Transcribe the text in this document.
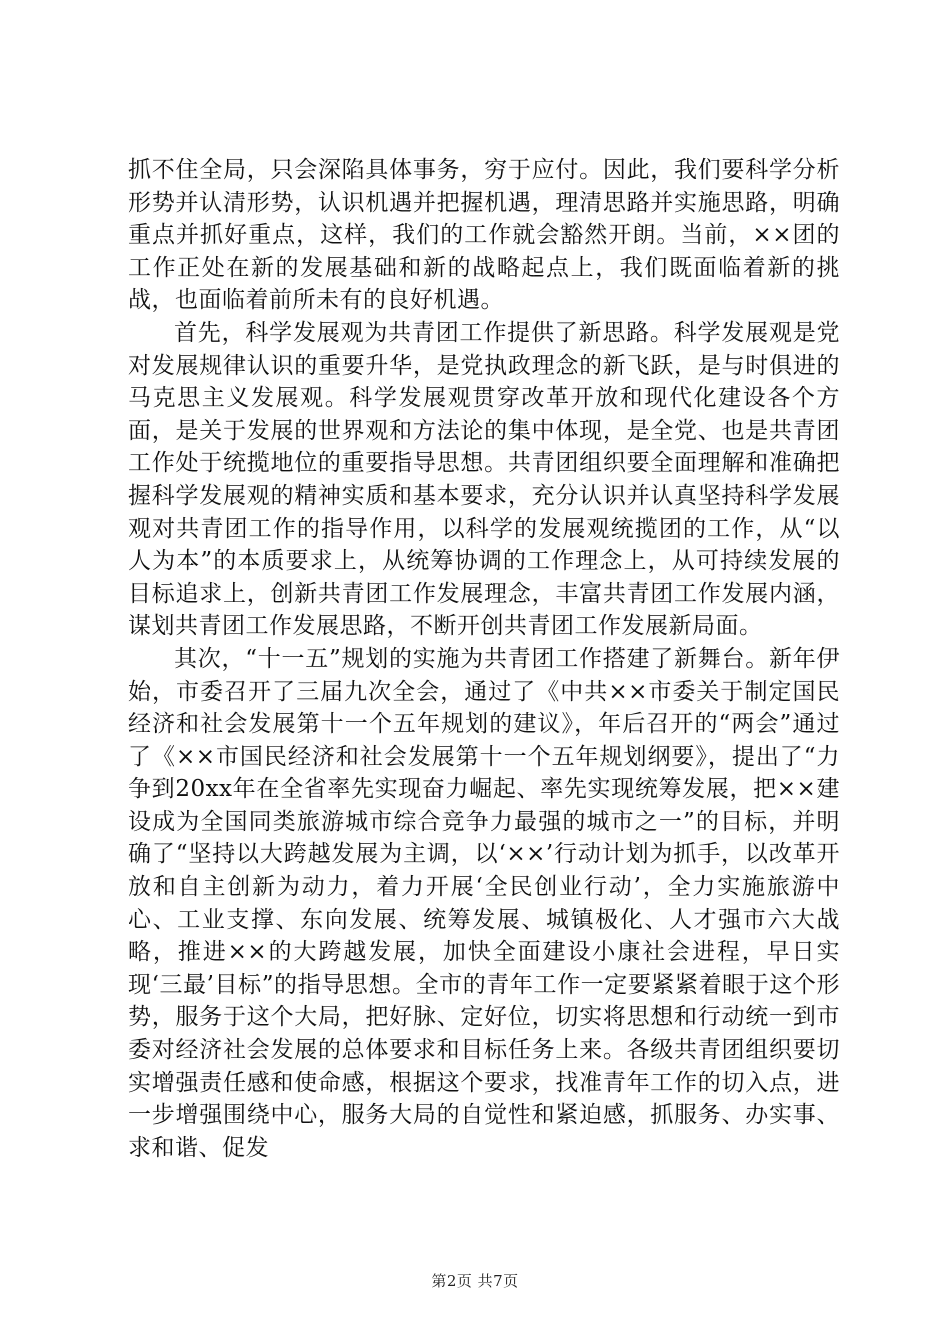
抓不住全局，只会深陷具体事务，穷于应付。因此，我们要科学分析形势并认清形势，认识机遇并把握机遇，理清思路并实施思路，明确重点并抓好重点，这样，我们的工作就会豁然开朗。当前，××团的工作正处在新的发展基础和新的战略起点上，我们既面临着新的挑战，也面临着前所未有的良好机遇。

首先，科学发展观为共青团工作提供了新思路。科学发展观是党对发展规律认识的重要升华，是党执政理念的新飞跃，是与时俱进的马克思主义发展观。科学发展观贯穿改革开放和现代化建设各个方面，是关于发展的世界观和方法论的集中体现，是全党、也是共青团工作处于统揽地位的重要指导思想。共青团组织要全面理解和准确把握科学发展观的精神实质和基本要求，充分认识并认真坚持科学发展观对共青团工作的指导作用，以科学的发展观统揽团的工作，从“以人为本”的本质要求上，从统筹协调的工作理念上，从可持续发展的目标追求上，创新共青团工作发展理念，丰富共青团工作发展内涵，谋划共青团工作发展思路，不断开创共青团工作发展新局面。

其次，“十一五”规划的实施为共青团工作搭建了新舞台。新年伊始，市委召开了三届九次全会，通过了《中共××市委关于制定国民经济和社会发展第十一个五年规划的建议》，年后召开的“两会”通过了《××市国民经济和社会发展第十一个五年规划纲要》，提出了“力争到20xx年在全省率先实现奋力崛起、率先实现统筹发展，把××建设成为全国同类旅游城市综合竞争力最强的城市之一”的目标，并明确了“坚持以大跨越发展为主调，以‘××’行动计划为抓手，以改革开放和自主创新为动力，着力开展‘全民创业行动’，全力实施旅游中心、工业支撑、东向发展、统筹发展、城镇极化、人才强市六大战略，推进××的大跨越发展，加快全面建设小康社会进程，早日实现‘三最’目标”的指导思想。全市的青年工作一定要紧紧着眼于这个形势，服务于这个大局，把好脉、定好位，切实将思想和行动统一到市委对经济社会发展的总体要求和目标任务上来。各级共青团组织要切实增强责任感和使命感，根据这个要求，找准青年工作的切入点，进一步增强围绕中心，服务大局的自觉性和紧迫感，抓服务、办实事、求和谐、促发

第2页 共7页
